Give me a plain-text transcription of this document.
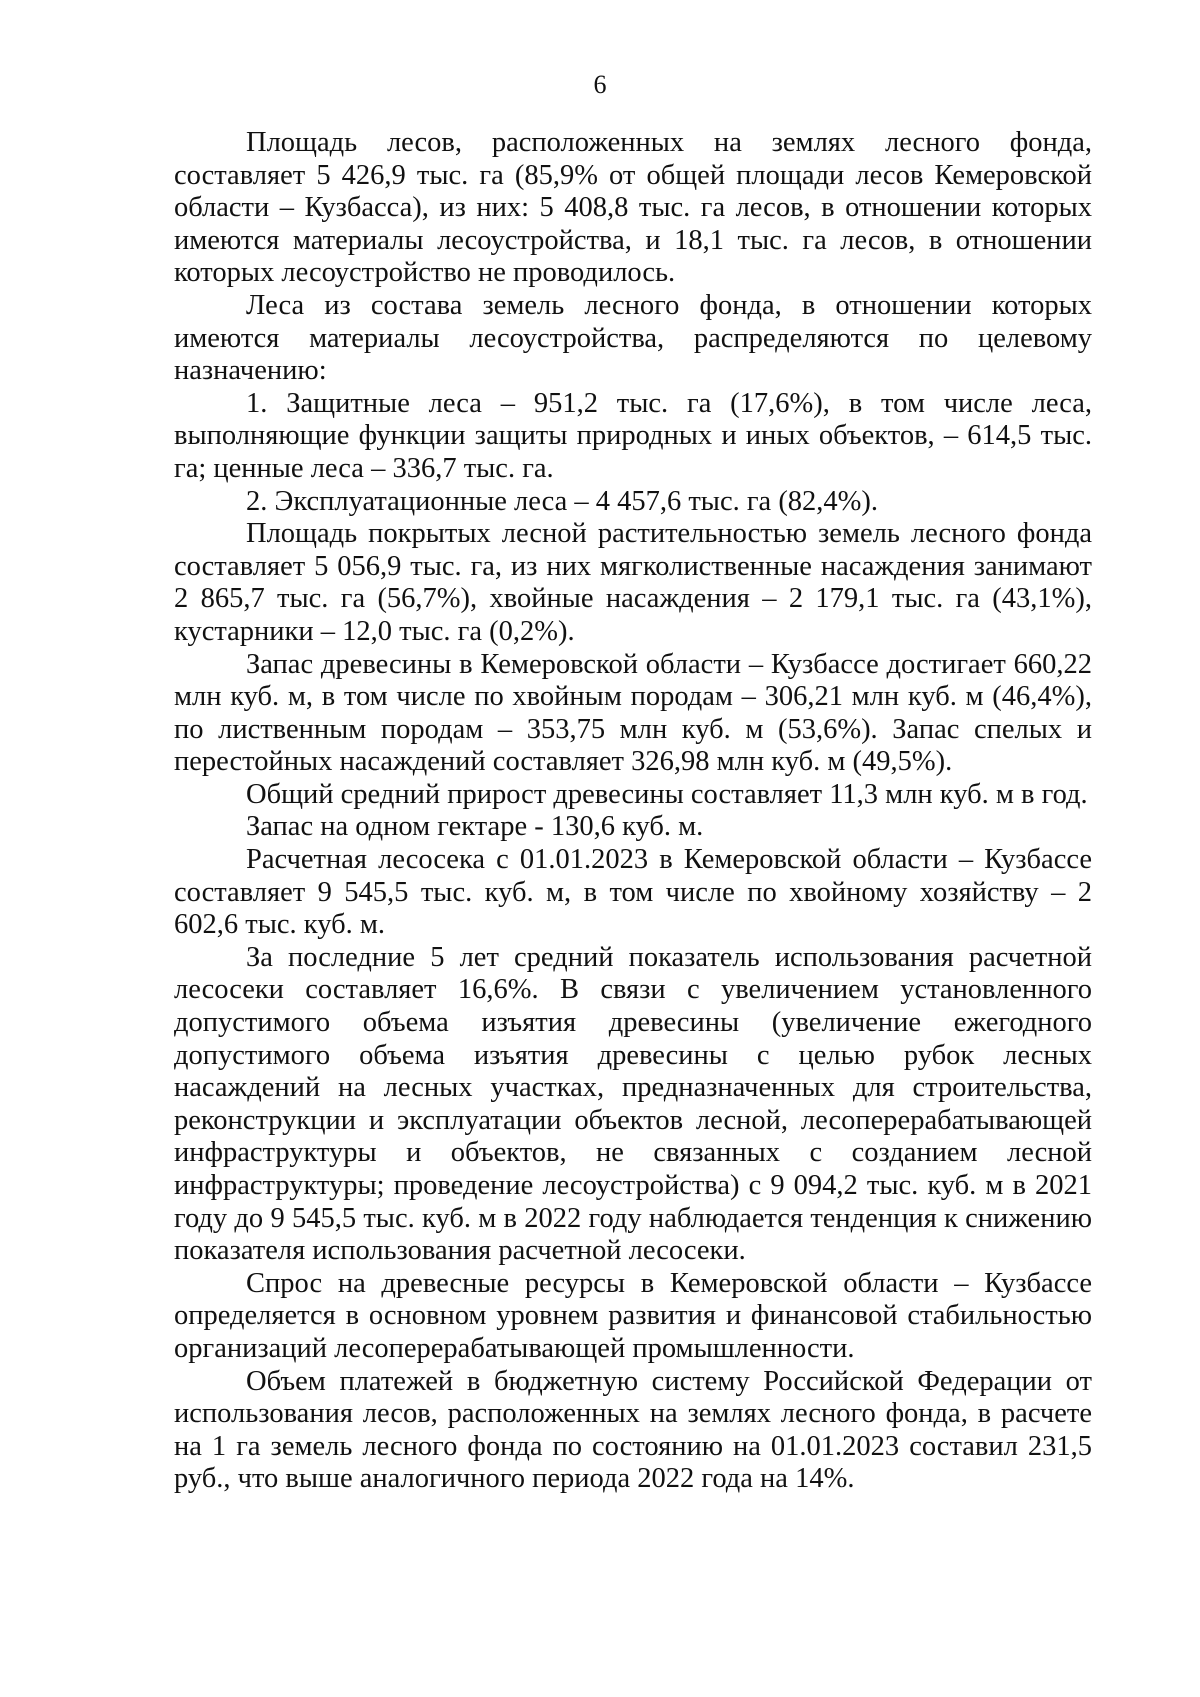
6

Площадь лесов, расположенных на землях лесного фонда, составляет 5 426,9 тыс. га (85,9% от общей площади лесов Кемеровской области – Кузбасса), из них: 5 408,8 тыс. га лесов, в отношении которых имеются материалы лесоустройства, и 18,1 тыс. га лесов, в отношении которых лесоустройство не проводилось.

Леса из состава земель лесного фонда, в отношении которых имеются материалы лесоустройства, распределяются по целевому назначению:

1. Защитные леса – 951,2 тыс. га (17,6%), в том числе леса, выполняющие функции защиты природных и иных объектов, – 614,5 тыс. га; ценные леса – 336,7 тыс. га.

2. Эксплуатационные леса – 4 457,6 тыс. га (82,4%).

Площадь покрытых лесной растительностью земель лесного фонда составляет 5 056,9 тыс. га, из них мягколиственные насаждения занимают 2 865,7 тыс. га (56,7%), хвойные насаждения – 2 179,1 тыс. га (43,1%), кустарники – 12,0 тыс. га (0,2%).

Запас древесины в Кемеровской области – Кузбассе достигает 660,22 млн куб. м, в том числе по хвойным породам – 306,21 млн куб. м (46,4%), по лиственным породам – 353,75 млн куб. м (53,6%). Запас спелых и перестойных насаждений составляет 326,98 млн куб. м (49,5%).

Общий средний прирост древесины составляет 11,3 млн куб. м в год.

Запас на одном гектаре - 130,6 куб. м.

Расчетная лесосека с 01.01.2023 в Кемеровской области – Кузбассе составляет 9 545,5 тыс. куб. м, в том числе по хвойному хозяйству – 2 602,6 тыс. куб. м.

За последние 5 лет средний показатель использования расчетной лесосеки составляет 16,6%. В связи с увеличением установленного допустимого объема изъятия древесины (увеличение ежегодного допустимого объема изъятия древесины с целью рубок лесных насаждений на лесных участках, предназначенных для строительства, реконструкции и эксплуатации объектов лесной, лесоперерабатывающей инфраструктуры и объектов, не связанных с созданием лесной инфраструктуры; проведение лесоустройства) с 9 094,2 тыс. куб. м в 2021 году до 9 545,5 тыс. куб. м в 2022 году наблюдается тенденция к снижению показателя использования расчетной лесосеки.

Спрос на древесные ресурсы в Кемеровской области – Кузбассе определяется в основном уровнем развития и финансовой стабильностью организаций лесоперерабатывающей промышленности.

Объем платежей в бюджетную систему Российской Федерации от использования лесов, расположенных на землях лесного фонда, в расчете на 1 га земель лесного фонда по состоянию на 01.01.2023 составил 231,5 руб., что выше аналогичного периода 2022 года на 14%.
